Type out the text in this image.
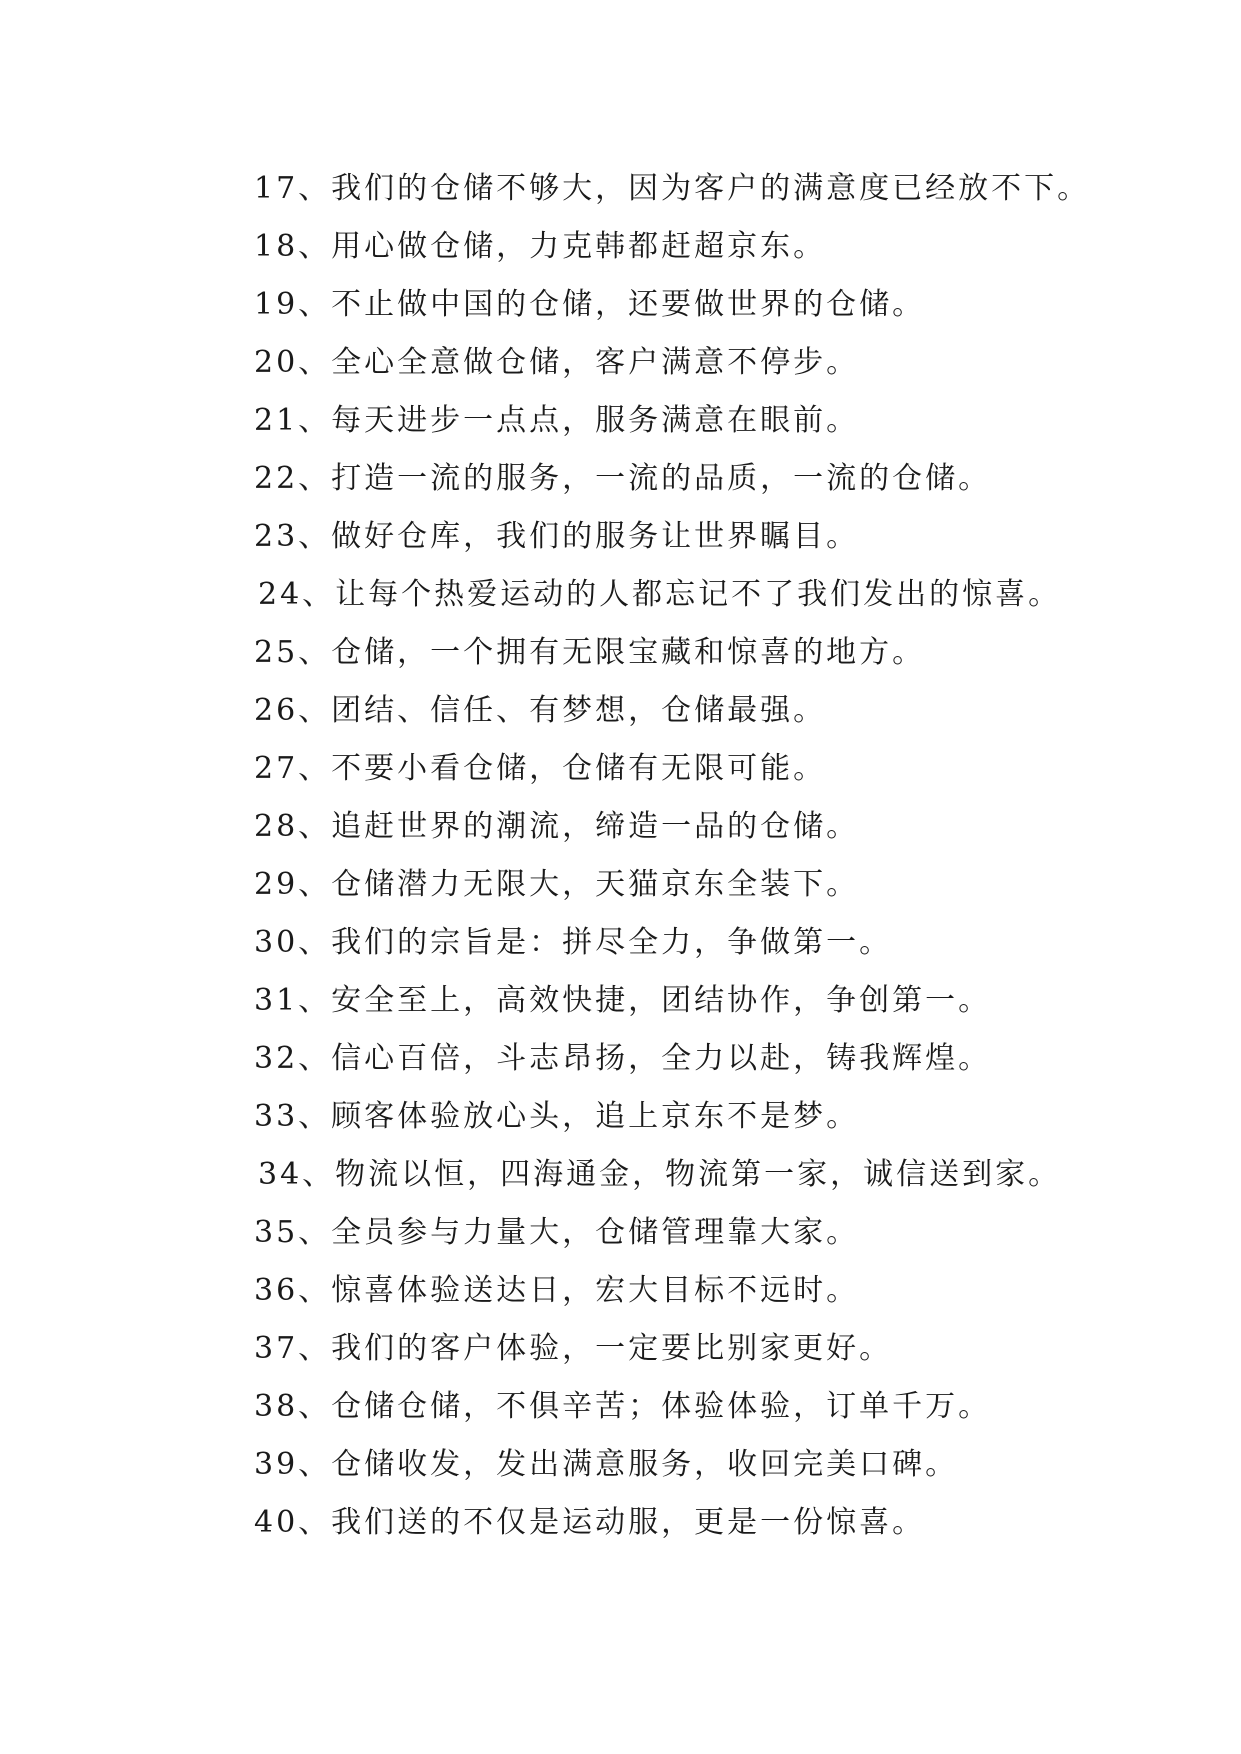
17、我们的仓储不够大，因为客户的满意度已经放不下。
18、用心做仓储，力克韩都赶超京东。
19、不止做中国的仓储，还要做世界的仓储。
20、全心全意做仓储，客户满意不停步。
21、每天进步一点点，服务满意在眼前。
22、打造一流的服务，一流的品质，一流的仓储。
23、做好仓库，我们的服务让世界瞩目。
24、让每个热爱运动的人都忘记不了我们发出的惊喜。
25、仓储，一个拥有无限宝藏和惊喜的地方。
26、团结、信任、有梦想，仓储最强。
27、不要小看仓储，仓储有无限可能。
28、追赶世界的潮流，缔造一品的仓储。
29、仓储潜力无限大，天猫京东全装下。
30、我们的宗旨是：拼尽全力，争做第一。
31、安全至上，高效快捷，团结协作，争创第一。
32、信心百倍，斗志昂扬，全力以赴，铸我辉煌。
33、顾客体验放心头，追上京东不是梦。
34、物流以恒，四海通金，物流第一家，诚信送到家。
35、全员参与力量大，仓储管理靠大家。
36、惊喜体验送达日，宏大目标不远时。
37、我们的客户体验，一定要比别家更好。
38、仓储仓储，不俱辛苦；体验体验，订单千万。
39、仓储收发，发出满意服务，收回完美口碑。
40、我们送的不仅是运动服，更是一份惊喜。
